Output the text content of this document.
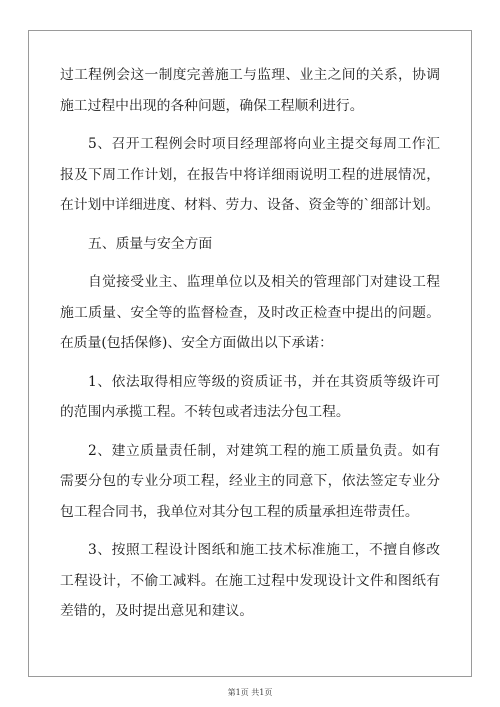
过工程例会这一制度完善施工与监理、业主之间的关系，协调施工过程中出现的各种问题，确保工程顺利进行。

5、召开工程例会时项目经理部将向业主提交每周工作汇报及下周工作计划，在报告中将详细雨说明工程的进展情况，在计划中详细进度、材料、劳力、设备、资金等的`细部计划。

五、质量与安全方面

自觉接受业主、监理单位以及相关的管理部门对建设工程施工质量、安全等的监督检查，及时改正检查中提出的问题。在质量(包括保修)、安全方面做出以下承诺：

1、依法取得相应等级的资质证书，并在其资质等级许可的范围内承揽工程。不转包或者违法分包工程。

2、建立质量责任制，对建筑工程的施工质量负责。如有需要分包的专业分项工程，经业主的同意下，依法签定专业分包工程合同书，我单位对其分包工程的质量承担连带责任。

3、按照工程设计图纸和施工技术标准施工，不擅自修改工程设计，不偷工减料。在施工过程中发现设计文件和图纸有差错的，及时提出意见和建议。

第1页 共1页
